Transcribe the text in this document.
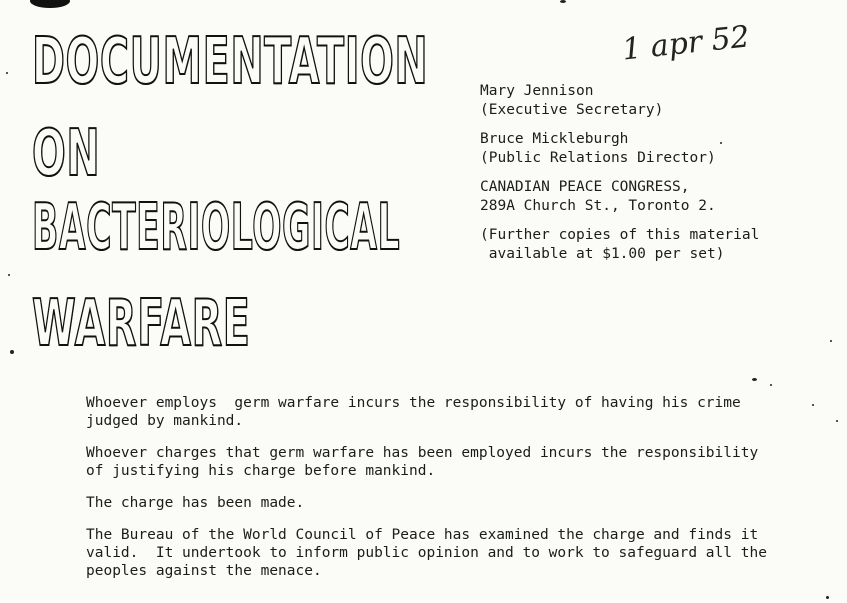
DOCUMENTATION
ON
BACTERIOLOGICAL
WARFARE
1 apr 52
Mary Jennison
(Executive Secretary)
Bruce Mickleburgh
(Public Relations Director)
CANADIAN PEACE CONGRESS,
289A Church St., Toronto 2.
(Further copies of this material
available at $1.00 per set)

Whoever employs  germ warfare incurs the responsibility of having his crime
judged by mankind.

Whoever charges that germ warfare has been employed incurs the responsibility
of justifying his charge before mankind.

The charge has been made.

The Bureau of the World Council of Peace has examined the charge and finds it
valid.  It undertook to inform public opinion and to work to safeguard all the
peoples against the menace.
